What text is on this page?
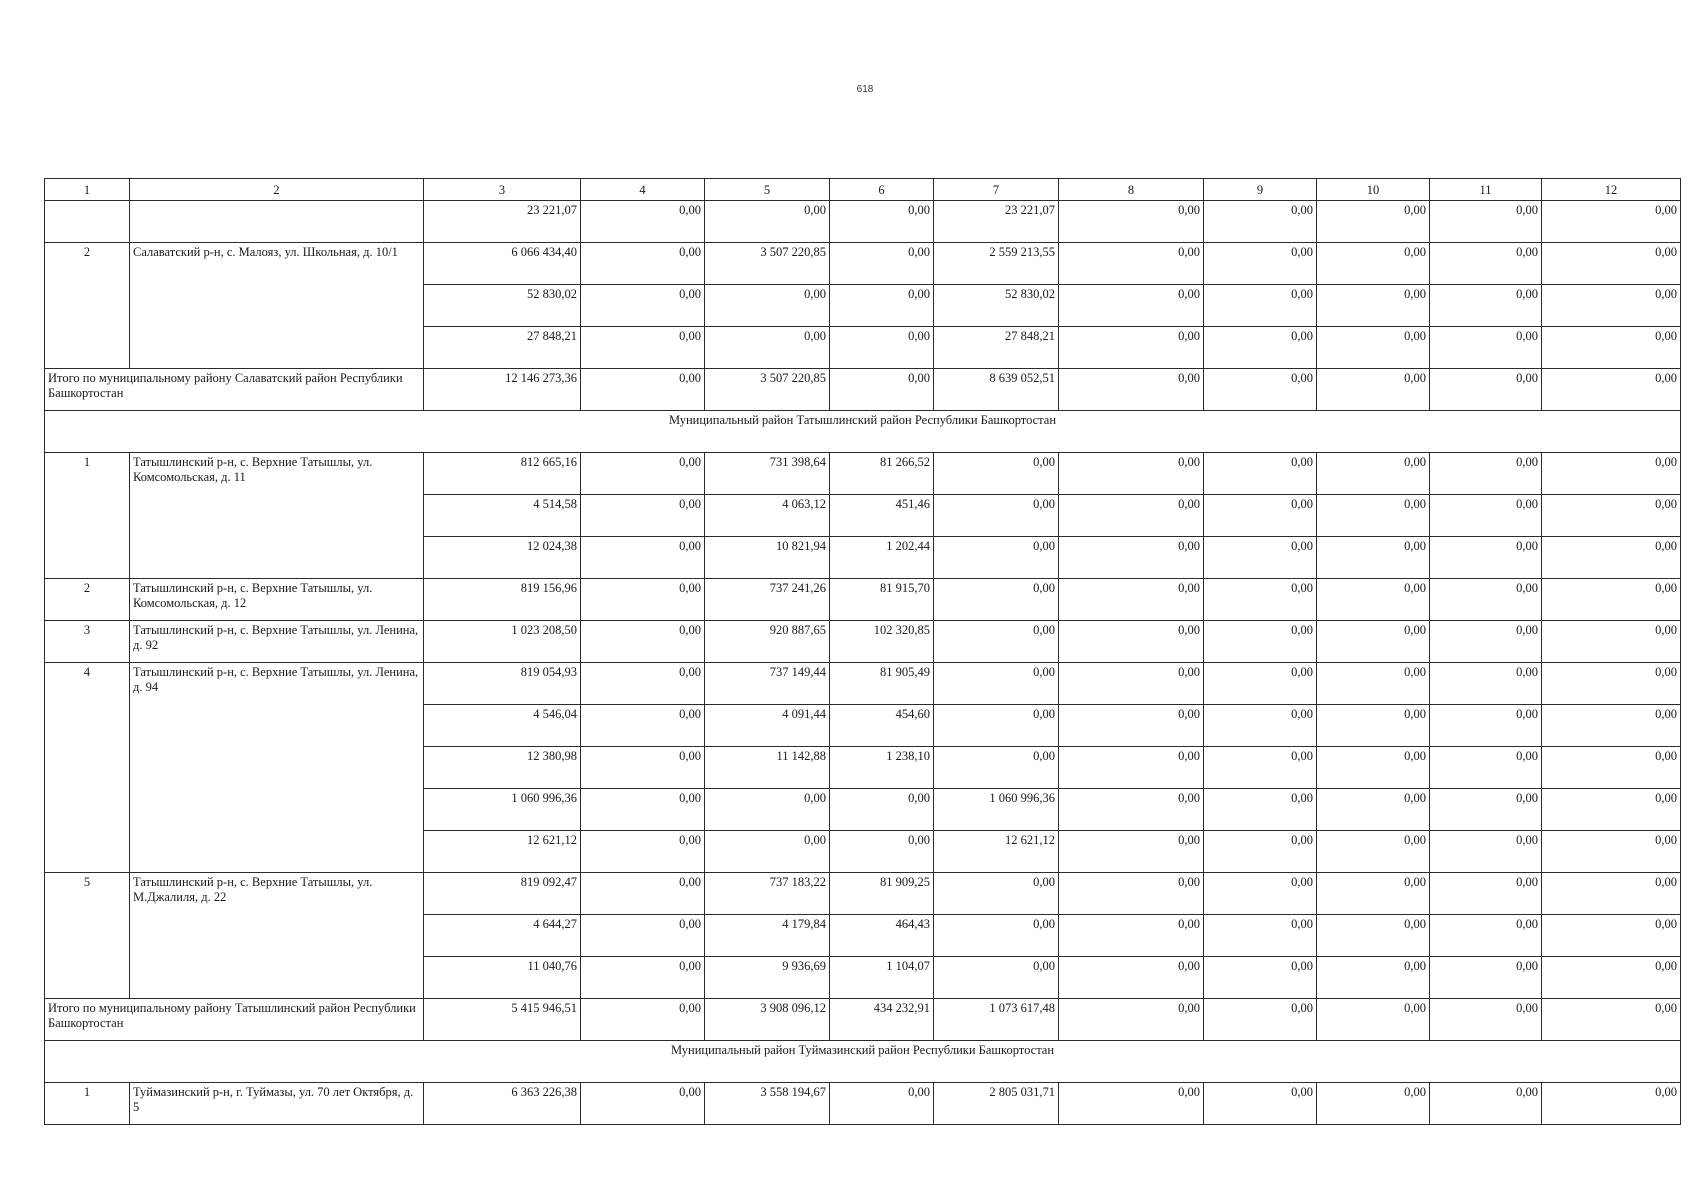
618
1	2	3	4	5	6	7	8	9	10	11	12
		23 221,07	0,00	0,00	0,00	23 221,07	0,00	0,00	0,00	0,00	0,00
2	Салаватский р-н, с. Малояз, ул. Школьная, д. 10/1	6 066 434,40	0,00	3 507 220,85	0,00	2 559 213,55	0,00	0,00	0,00	0,00	0,00
		52 830,02	0,00	0,00	0,00	52 830,02	0,00	0,00	0,00	0,00	0,00
		27 848,21	0,00	0,00	0,00	27 848,21	0,00	0,00	0,00	0,00	0,00
Итого по муниципальному району Салаватский район Республики Башкортостан		12 146 273,36	0,00	3 507 220,85	0,00	8 639 052,51	0,00	0,00	0,00	0,00	0,00
Муниципальный район Татышлинский район Республики Башкортостан											
1	Татышлинский р-н, с. Верхние Татышлы, ул. Комсомольская, д. 11	812 665,16	0,00	731 398,64	81 266,52	0,00	0,00	0,00	0,00	0,00	0,00
		4 514,58	0,00	4 063,12	451,46	0,00	0,00	0,00	0,00	0,00	0,00
		12 024,38	0,00	10 821,94	1 202,44	0,00	0,00	0,00	0,00	0,00	0,00
2	Татышлинский р-н, с. Верхние Татышлы, ул. Комсомольская, д. 12	819 156,96	0,00	737 241,26	81 915,70	0,00	0,00	0,00	0,00	0,00	0,00
3	Татышлинский р-н, с. Верхние Татышлы, ул. Ленина, д. 92	1 023 208,50	0,00	920 887,65	102 320,85	0,00	0,00	0,00	0,00	0,00	0,00
4	Татышлинский р-н, с. Верхние Татышлы, ул. Ленина, д. 94	819 054,93	0,00	737 149,44	81 905,49	0,00	0,00	0,00	0,00	0,00	0,00
		4 546,04	0,00	4 091,44	454,60	0,00	0,00	0,00	0,00	0,00	0,00
		12 380,98	0,00	11 142,88	1 238,10	0,00	0,00	0,00	0,00	0,00	0,00
		1 060 996,36	0,00	0,00	0,00	1 060 996,36	0,00	0,00	0,00	0,00	0,00
		12 621,12	0,00	0,00	0,00	12 621,12	0,00	0,00	0,00	0,00	0,00
5	Татышлинский р-н, с. Верхние Татышлы, ул. М.Джалиля, д. 22	819 092,47	0,00	737 183,22	81 909,25	0,00	0,00	0,00	0,00	0,00	0,00
		4 644,27	0,00	4 179,84	464,43	0,00	0,00	0,00	0,00	0,00	0,00
		11 040,76	0,00	9 936,69	1 104,07	0,00	0,00	0,00	0,00	0,00	0,00
Итого по муниципальному району Татышлинский район Республики Башкортостан		5 415 946,51	0,00	3 908 096,12	434 232,91	1 073 617,48	0,00	0,00	0,00	0,00	0,00
Муниципальный район Туймазинский район Республики Башкортостан											
1	Туймазинский р-н, г. Туймазы, ул. 70 лет Октября, д. 5	6 363 226,38	0,00	3 558 194,67	0,00	2 805 031,71	0,00	0,00	0,00	0,00	0,00
